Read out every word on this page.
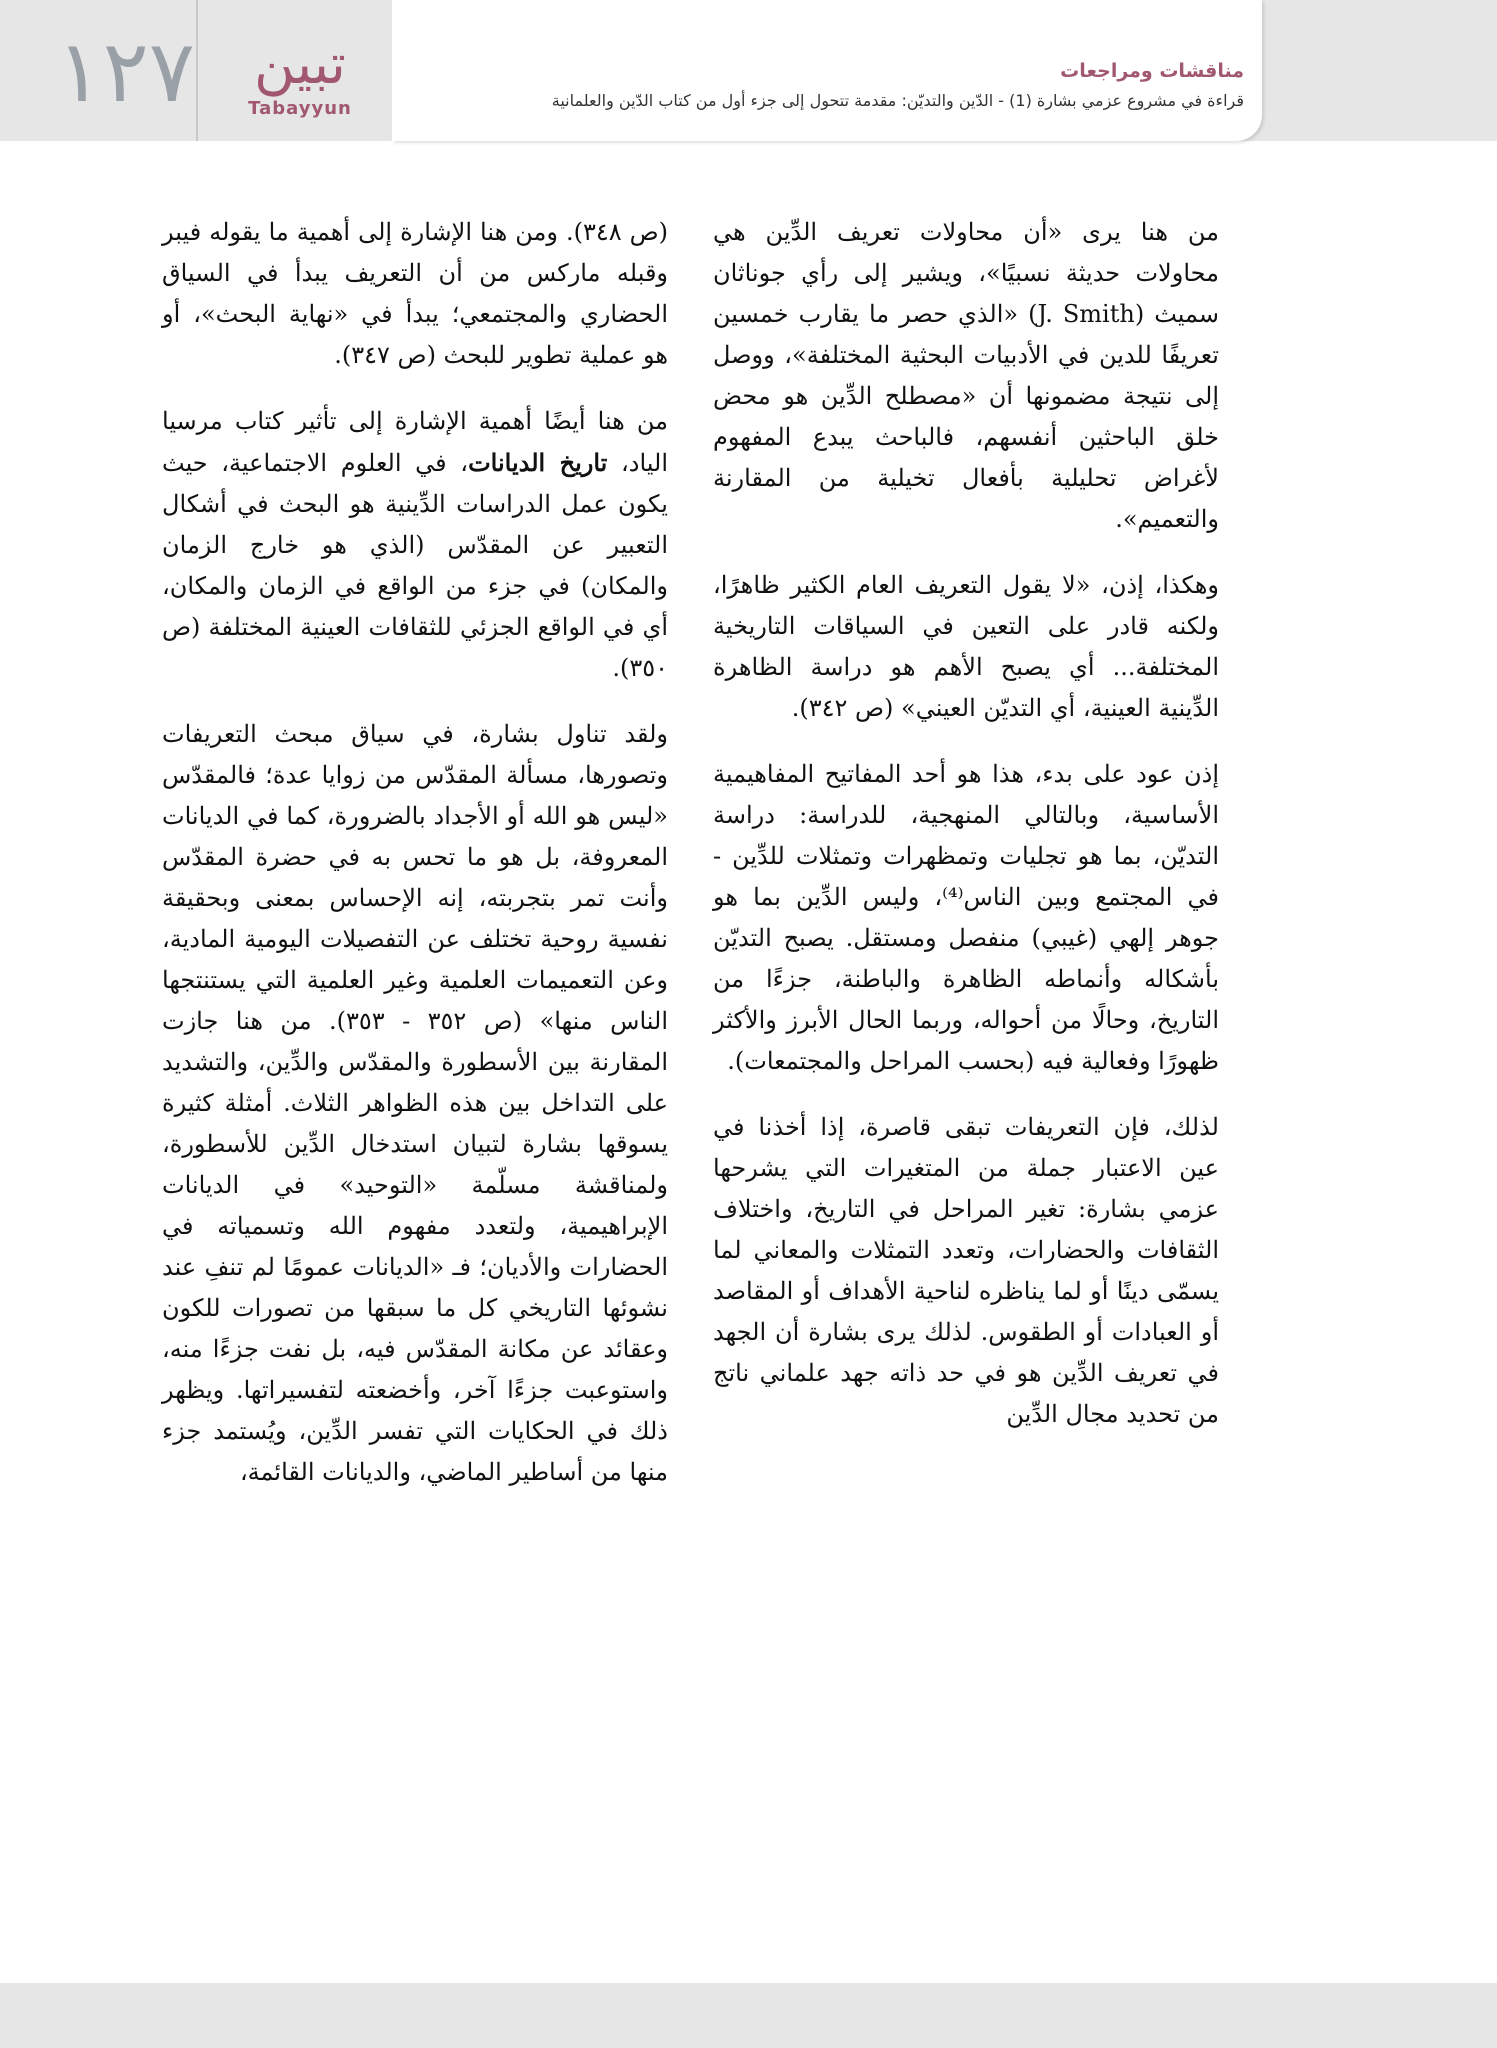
١٢٧	تبين
Tabayyun
مناقشات ومراجعات
قراءة في مشروع عزمي بشارة (1) - الدّين والتديّن: مقدمة تتحول إلى جزء أول من كتاب الدّين والعلمانية

من هنا يرى «أن محاولات تعريف الدِّين هي محاولات حديثة نسبيًا»، ويشير إلى رأي جوناثان سميث (J. Smith) «الذي حصر ما يقارب خمسين تعريفًا للدين في الأدبيات البحثية المختلفة»، ووصل إلى نتيجة مضمونها أن «مصطلح الدِّين هو محض خلق الباحثين أنفسهم، فالباحث يبدع المفهوم لأغراض تحليلية بأفعال تخيلية من المقارنة والتعميم».

وهكذا، إذن، «لا يقول التعريف العام الكثير ظاهرًا، ولكنه قادر على التعين في السياقات التاريخية المختلفة... أي يصبح الأهم هو دراسة الظاهرة الدِّينية العينية، أي التديّن العيني» (ص ٣٤٢).

إذن عود على بدء، هذا هو أحد المفاتيح المفاهيمية الأساسية، وبالتالي المنهجية، للدراسة: دراسة التديّن، بما هو تجليات وتمظهرات وتمثلات للدِّين - في المجتمع وبين الناس⁽⁴⁾، وليس الدِّين بما هو جوهر إلهي (غيبي) منفصل ومستقل. يصبح التديّن بأشكاله وأنماطه الظاهرة والباطنة، جزءًا من التاريخ، وحالًا من أحواله، وربما الحال الأبرز والأكثر ظهورًا وفعالية فيه (بحسب المراحل والمجتمعات).

لذلك، فإن التعريفات تبقى قاصرة، إذا أخذنا في عين الاعتبار جملة من المتغيرات التي يشرحها عزمي بشارة: تغير المراحل في التاريخ، واختلاف الثقافات والحضارات، وتعدد التمثلات والمعاني لما يسمّى دينًا أو لما يناظره لناحية الأهداف أو المقاصد أو العبادات أو الطقوس. لذلك يرى بشارة أن الجهد في تعريف الدِّين هو في حد ذاته جهد علماني ناتج من تحديد مجال الدِّين

(ص ٣٤٨). ومن هنا الإشارة إلى أهمية ما يقوله فيبر وقبله ماركس من أن التعريف يبدأ في السياق الحضاري والمجتمعي؛ يبدأ في «نهاية البحث»، أو هو عملية تطوير للبحث (ص ٣٤٧).

من هنا أيضًا أهمية الإشارة إلى تأثير كتاب مرسيا الياد، تاريخ الديانات، في العلوم الاجتماعية، حيث يكون عمل الدراسات الدِّينية هو البحث في أشكال التعبير عن المقدّس (الذي هو خارج الزمان والمكان) في جزء من الواقع في الزمان والمكان، أي في الواقع الجزئي للثقافات العينية المختلفة (ص ٣٥٠).

ولقد تناول بشارة، في سياق مبحث التعريفات وتصورها، مسألة المقدّس من زوايا عدة؛ فالمقدّس «ليس هو الله أو الأجداد بالضرورة، كما في الديانات المعروفة، بل هو ما تحس به في حضرة المقدّس وأنت تمر بتجربته، إنه الإحساس بمعنى وبحقيقة نفسية روحية تختلف عن التفصيلات اليومية المادية، وعن التعميمات العلمية وغير العلمية التي يستنتجها الناس منها» (ص ٣٥٢ - ٣٥٣). من هنا جازت المقارنة بين الأسطورة والمقدّس والدِّين، والتشديد على التداخل بين هذه الظواهر الثلاث. أمثلة كثيرة يسوقها بشارة لتبيان استدخال الدِّين للأسطورة، ولمناقشة مسلّمة «التوحيد» في الديانات الإبراهيمية، ولتعدد مفهوم الله وتسمياته في الحضارات والأديان؛ فـ «الديانات عمومًا لم تنفِ عند نشوئها التاريخي كل ما سبقها من تصورات للكون وعقائد عن مكانة المقدّس فيه، بل نفت جزءًا منه، واستوعبت جزءًا آخر، وأخضعته لتفسيراتها. ويظهر ذلك في الحكايات التي تفسر الدِّين، ويُستمد جزء منها من أساطير الماضي، والديانات القائمة،
